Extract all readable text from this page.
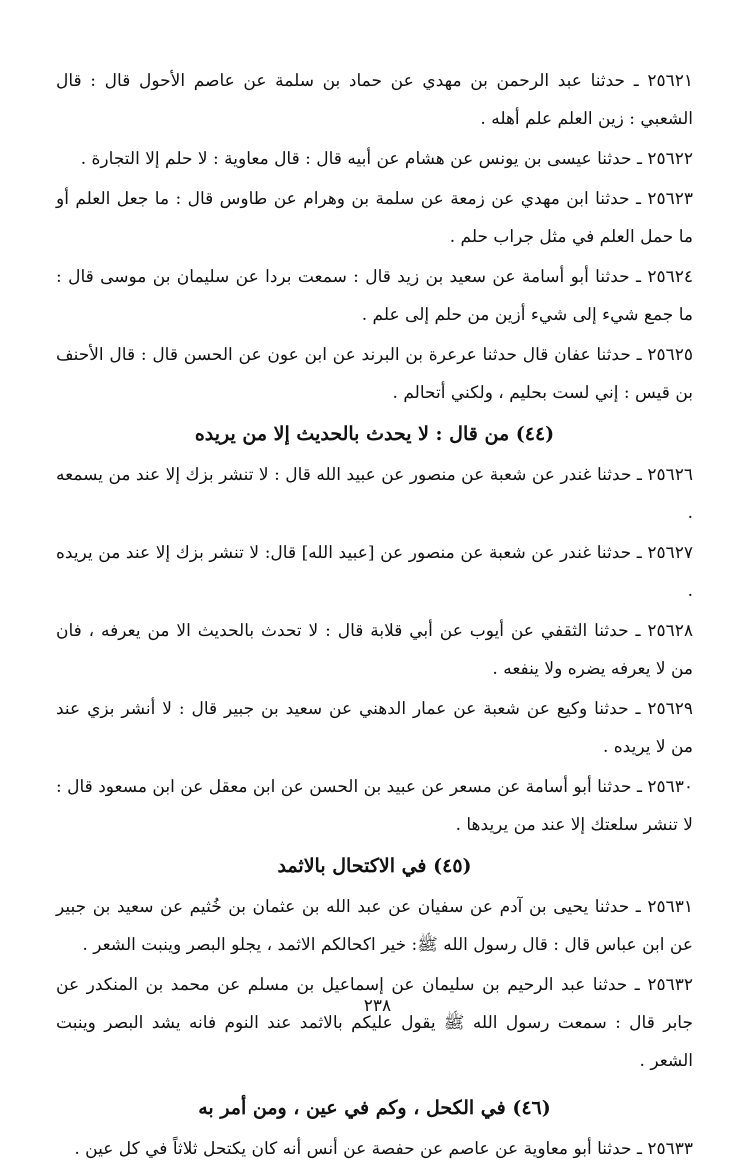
٢٥٦٢١ ـ حدثنا عبد الرحمن بن مهدي عن حماد بن سلمة عن عاصم الأحول قال : قال الشعبي : زين العلم علم أهله .

٢٥٦٢٢ ـ حدثنا عيسى بن يونس عن هشام عن أبيه قال : قال معاوية : لا حلم إلا التجارة .

٢٥٦٢٣ ـ حدثنا ابن مهدي عن زمعة عن سلمة بن وهرام عن طاوس قال : ما جعل العلم أو ما حمل العلم في مثل جراب حلم .

٢٥٦٢٤ ـ حدثنا أبو أسامة عن سعيد بن زيد قال : سمعت بردا عن سليمان بن موسى قال : ما جمع شيء إلى شيء أزين من حلم إلى علم .

٢٥٦٢٥ ـ حدثنا عفان قال حدثنا عرعرة بن البرند عن ابن عون عن الحسن قال : قال الأحنف بن قيس : إني لست بحليم ، ولكني أتحالم .

(٤٤) من قال : لا يحدث بالحديث إلا من يريده

٢٥٦٢٦ ـ حدثنا غندر عن شعبة عن منصور عن عبيد الله قال : لا تنشر بزك إلا عند من يسمعه .

٢٥٦٢٧ ـ حدثنا غندر عن شعبة عن منصور عن [عبيد الله] قال: لا تنشر بزك إلا عند من يريده .

٢٥٦٢٨ ـ حدثنا الثقفي عن أيوب عن أبي قلابة قال : لا تحدث بالحديث الا من يعرفه ، فان من لا يعرفه يضره ولا ينفعه .

٢٥٦٢٩ ـ حدثنا وكيع عن شعبة عن عمار الدهني عن سعيد بن جبير قال : لا أنشر بزي عند من لا يريده .

٢٥٦٣٠ ـ حدثنا أبو أسامة عن مسعر عن عبيد بن الحسن عن ابن معقل عن ابن مسعود قال : لا تنشر سلعتك إلا عند من يريدها .

(٤٥) في الاكتحال بالاثمد

٢٥٦٣١ ـ حدثنا يحيى بن آدم عن سفيان عن عبد الله بن عثمان بن خُثيم عن سعيد بن جبير عن ابن عباس قال : قال رسول الله ﷺ: خير اكحالكم الاثمد ، يجلو البصر وينبت الشعر .

٢٥٦٣٢ ـ حدثنا عبد الرحيم بن سليمان عن إسماعيل بن مسلم عن محمد بن المنكدر عن جابر قال : سمعت رسول الله ﷺ يقول عليكم بالاثمد عند النوم فانه يشد البصر وينبت الشعر .

(٤٦) في الكحل ، وكم في عين ، ومن أمر به

٢٥٦٣٣ ـ حدثنا أبو معاوية عن عاصم عن حفصة عن أنس أنه كان يكتحل ثلاثاً في كل عين .

٢٣٨
